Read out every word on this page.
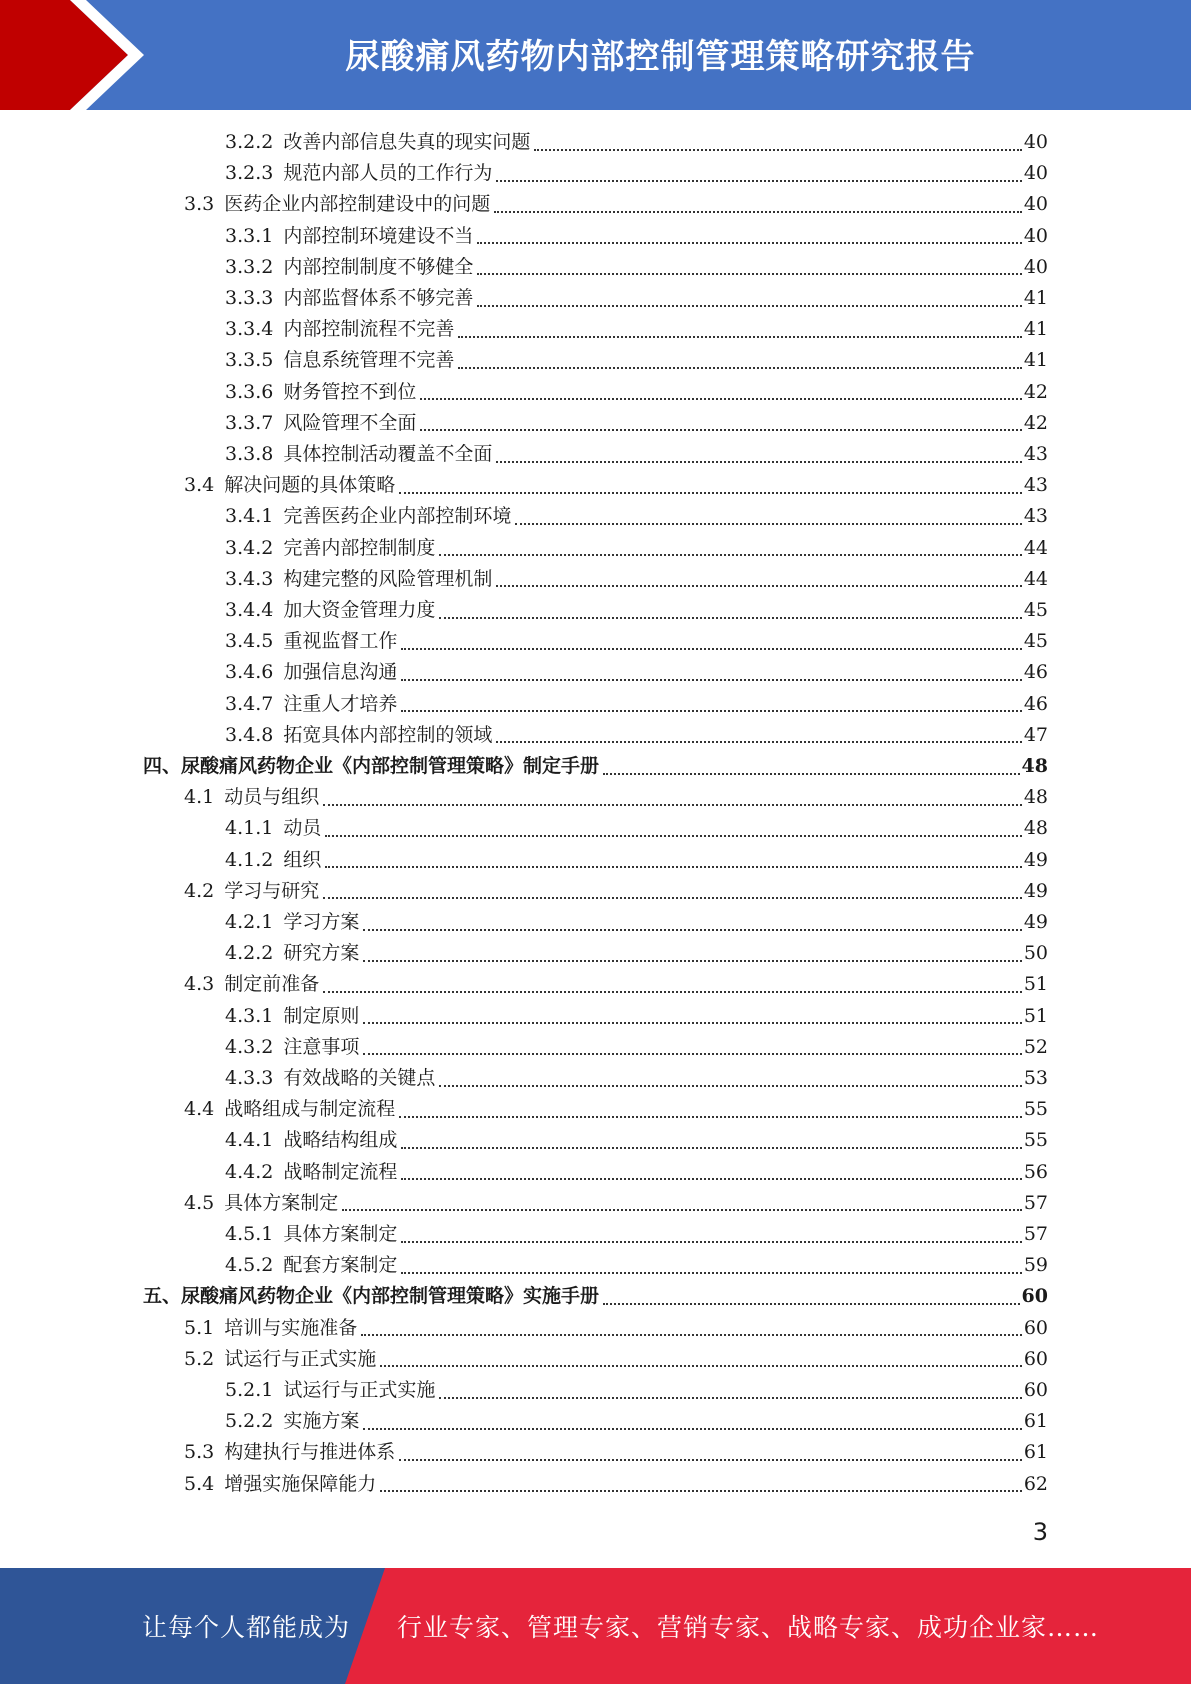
尿酸痛风药物内部控制管理策略研究报告
3.2.2 改善内部信息失真的现实问题	40
3.2.3 规范内部人员的工作行为	40
3.3 医药企业内部控制建设中的问题	40
3.3.1 内部控制环境建设不当	40
3.3.2 内部控制制度不够健全	40
3.3.3 内部监督体系不够完善	41
3.3.4 内部控制流程不完善	41
3.3.5 信息系统管理不完善	41
3.3.6 财务管控不到位	42
3.3.7 风险管理不全面	42
3.3.8 具体控制活动覆盖不全面	43
3.4 解决问题的具体策略	43
3.4.1 完善医药企业内部控制环境	43
3.4.2 完善内部控制制度	44
3.4.3 构建完整的风险管理机制	44
3.4.4 加大资金管理力度	45
3.4.5 重视监督工作	45
3.4.6 加强信息沟通	46
3.4.7 注重人才培养	46
3.4.8 拓宽具体内部控制的领域	47
四、 尿酸痛风药物企业《内部控制管理策略》制定手册	48
4.1 动员与组织	48
4.1.1 动员	48
4.1.2 组织	49
4.2 学习与研究	49
4.2.1 学习方案	49
4.2.2 研究方案	50
4.3 制定前准备	51
4.3.1 制定原则	51
4.3.2 注意事项	52
4.3.3 有效战略的关键点	53
4.4 战略组成与制定流程	55
4.4.1 战略结构组成	55
4.4.2 战略制定流程	56
4.5 具体方案制定	57
4.5.1 具体方案制定	57
4.5.2 配套方案制定	59
五、 尿酸痛风药物企业《内部控制管理策略》实施手册	60
5.1 培训与实施准备	60
5.2 试运行与正式实施	60
5.2.1 试运行与正式实施	60
5.2.2 实施方案	61
5.3 构建执行与推进体系	61
5.4 增强实施保障能力	62
3
让每个人都能成为 行业专家、管理专家、营销专家、战略专家、成功企业家……
